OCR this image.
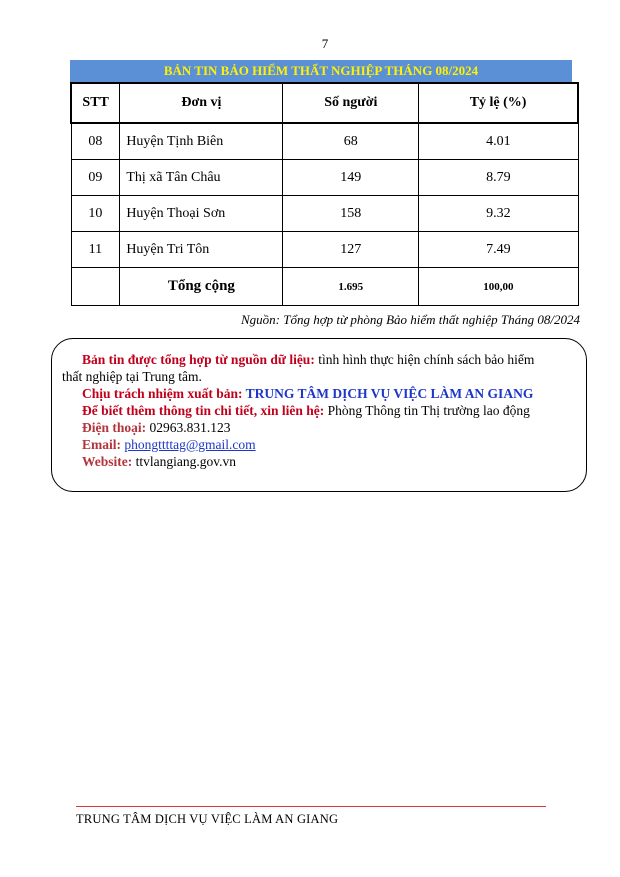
7
BẢN TIN BẢO HIỂM THẤT NGHIỆP THÁNG 08/2024
STT	Đơn vị	Số người	Tỷ lệ (%)
08	Huyện Tịnh Biên	68	4.01
09	Thị xã Tân Châu	149	8.79
10	Huyện Thoại Sơn	158	9.32
11	Huyện Tri Tôn	127	7.49
	Tổng cộng	1.695	100,00
Nguồn: Tổng hợp từ phòng Bảo hiểm thất nghiệp Tháng 08/2024

Bản tin được tổng hợp từ nguồn dữ liệu: tình hình thực hiện chính sách bảo hiểm

thất nghiệp tại Trung tâm.

Chịu trách nhiệm xuất bản: TRUNG TÂM DỊCH VỤ VIỆC LÀM AN GIANG

Để biết thêm thông tin chi tiết, xin liên hệ: Phòng Thông tin Thị trường lao động

Điện thoại: 02963.831.123

Email: phongttttag@gmail.com

Website: ttvlangiang.gov.vn

TRUNG TÂM DỊCH VỤ VIỆC LÀM AN GIANG
